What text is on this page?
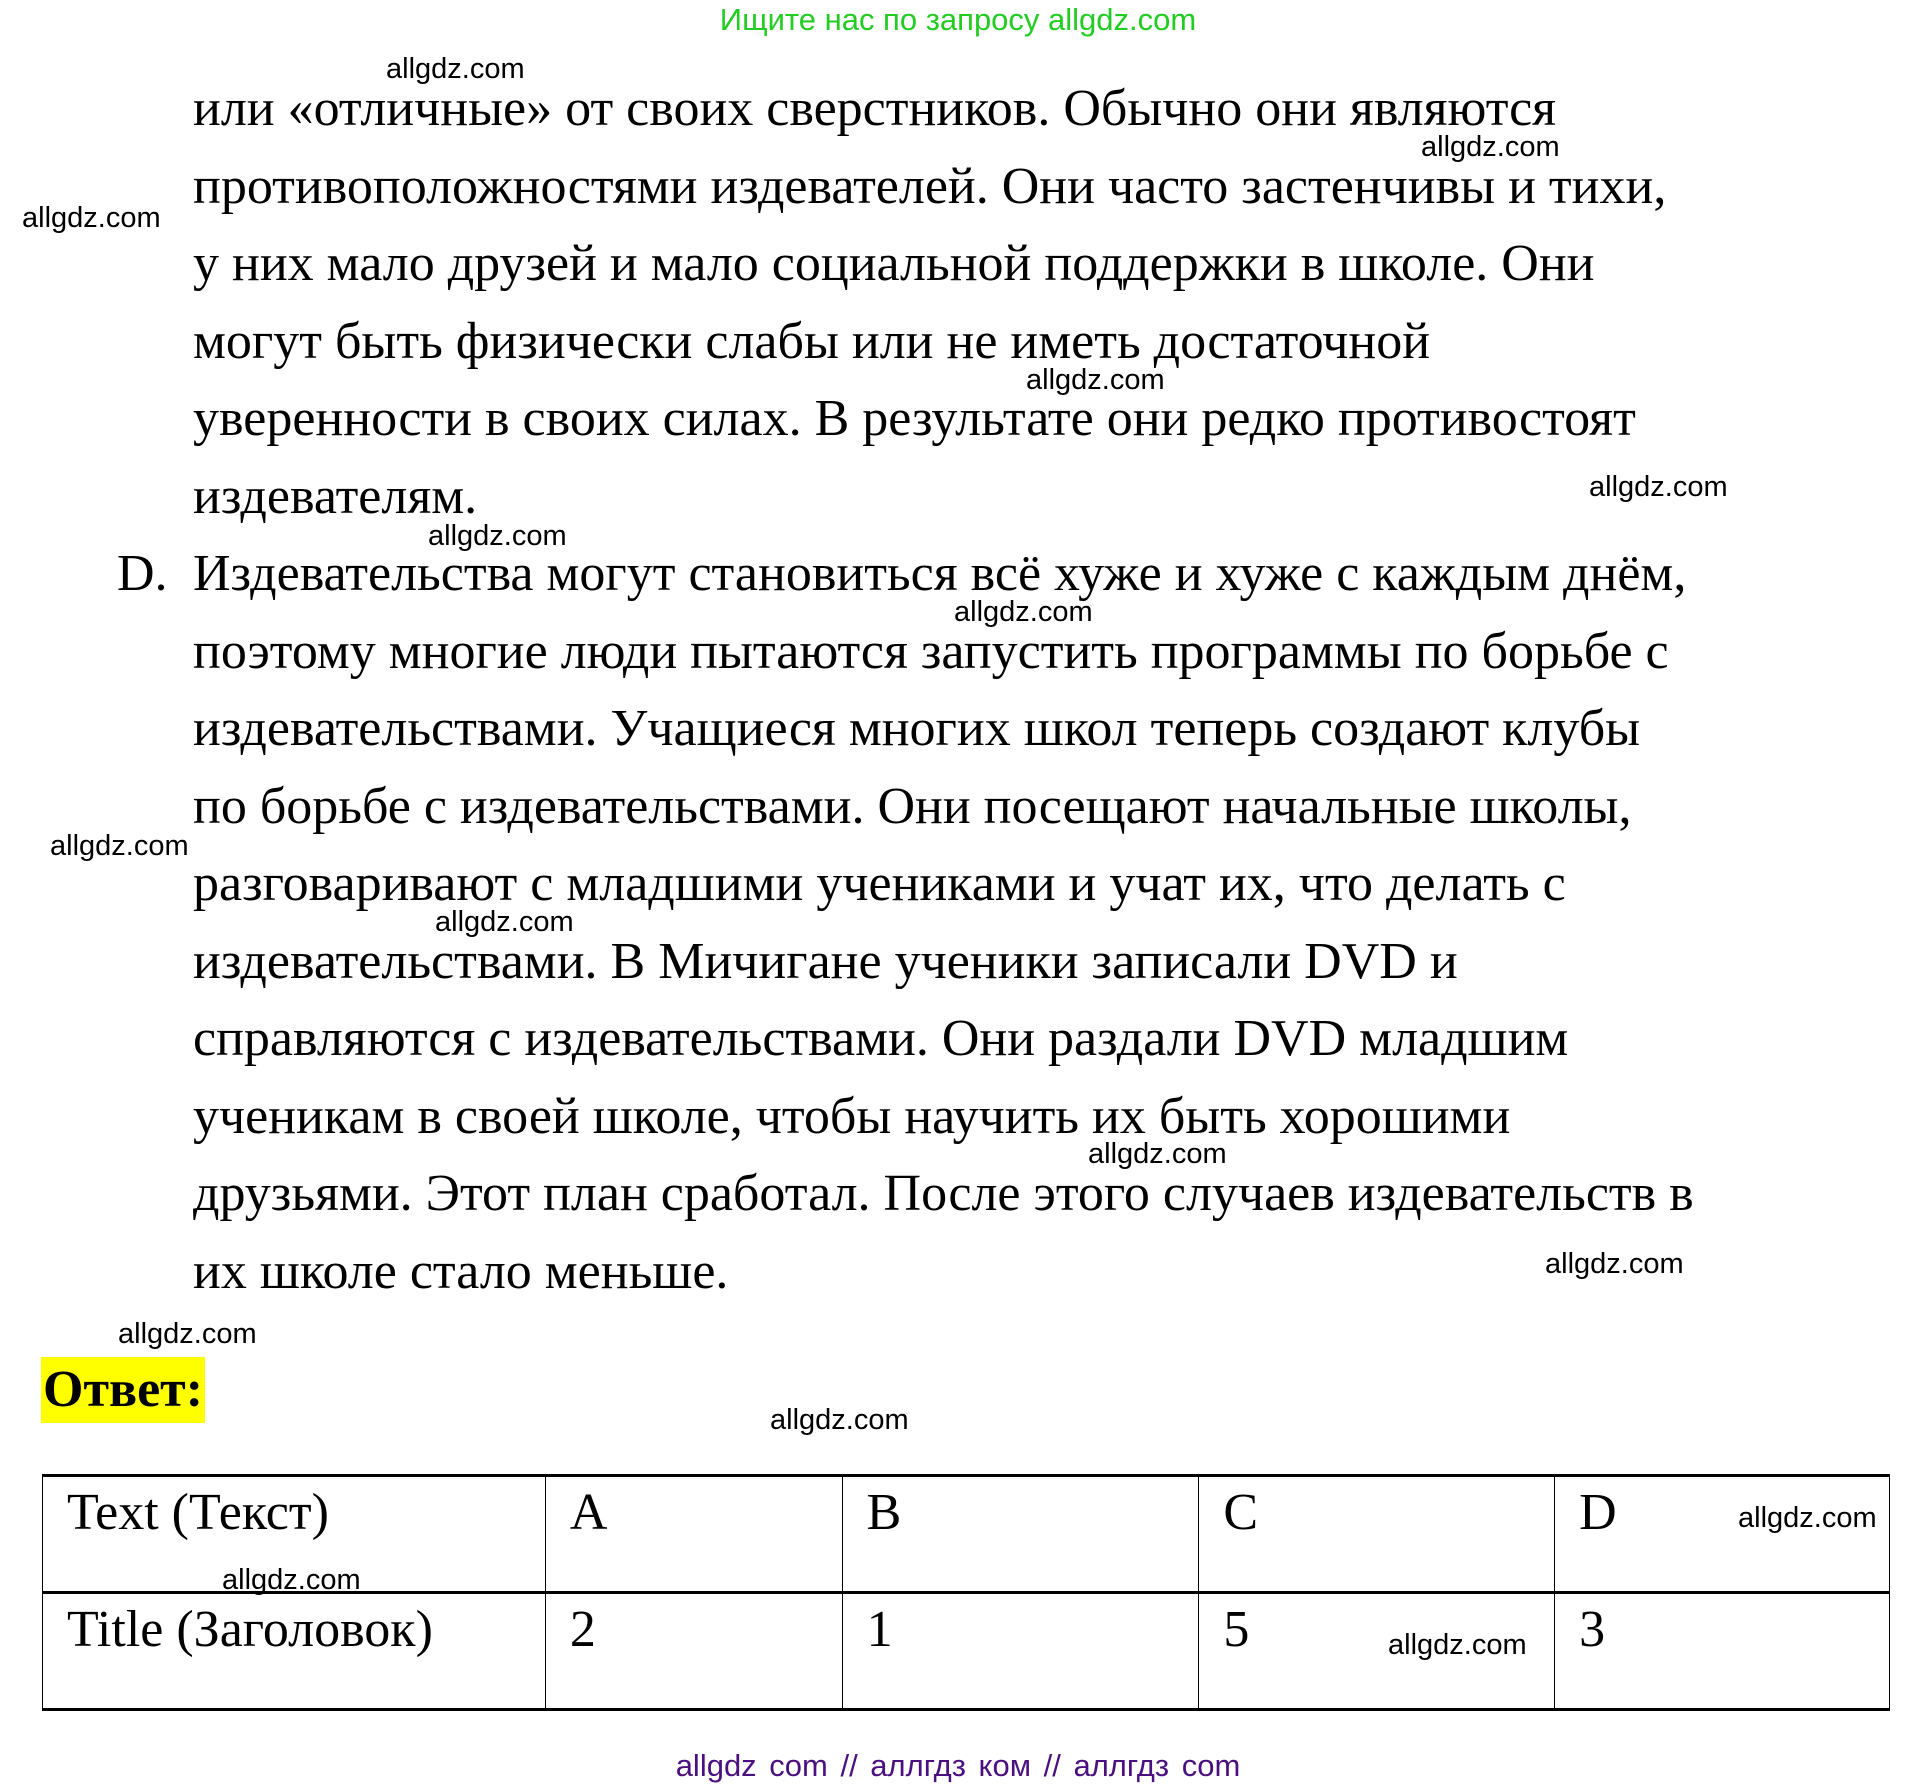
Ищите нас по запросу allgdz.com
allgdz.com
allgdz.com
allgdz.com
allgdz.com
allgdz.com
allgdz.com
allgdz.com
allgdz.com
allgdz.com
allgdz.com
allgdz.com
allgdz.com
allgdz.com
или «отличные» от своих сверстников. Обычно они являются
противоположностями издевателей. Они часто застенчивы и тихи,
у них мало друзей и мало социальной поддержки в школе. Они
могут быть физически слабы или не иметь достаточной
уверенности в своих силах. В результате они редко противостоят
издевателям.
D. Издевательства могут становиться всё хуже и хуже с каждым днём,
поэтому многие люди пытаются запустить программы по борьбе с
издевательствами. Учащиеся многих школ теперь создают клубы
по борьбе с издевательствами. Они посещают начальные школы,
разговаривают с младшими учениками и учат их, что делать с
издевательствами. В Мичигане ученики записали DVD и
справляются с издевательствами. Они раздали DVD младшим
ученикам в своей школе, чтобы научить их быть хорошими
друзьями. Этот план сработал. После этого случаев издевательств в
их школе стало меньше.
Ответ:
Text (Текст)	A	B	C	D
Title (Заголовок)	2	1	5	3
allgdz.com
allgdz.com
allgdz.com
allgdz com // аллгдз ком // аллгдз com
